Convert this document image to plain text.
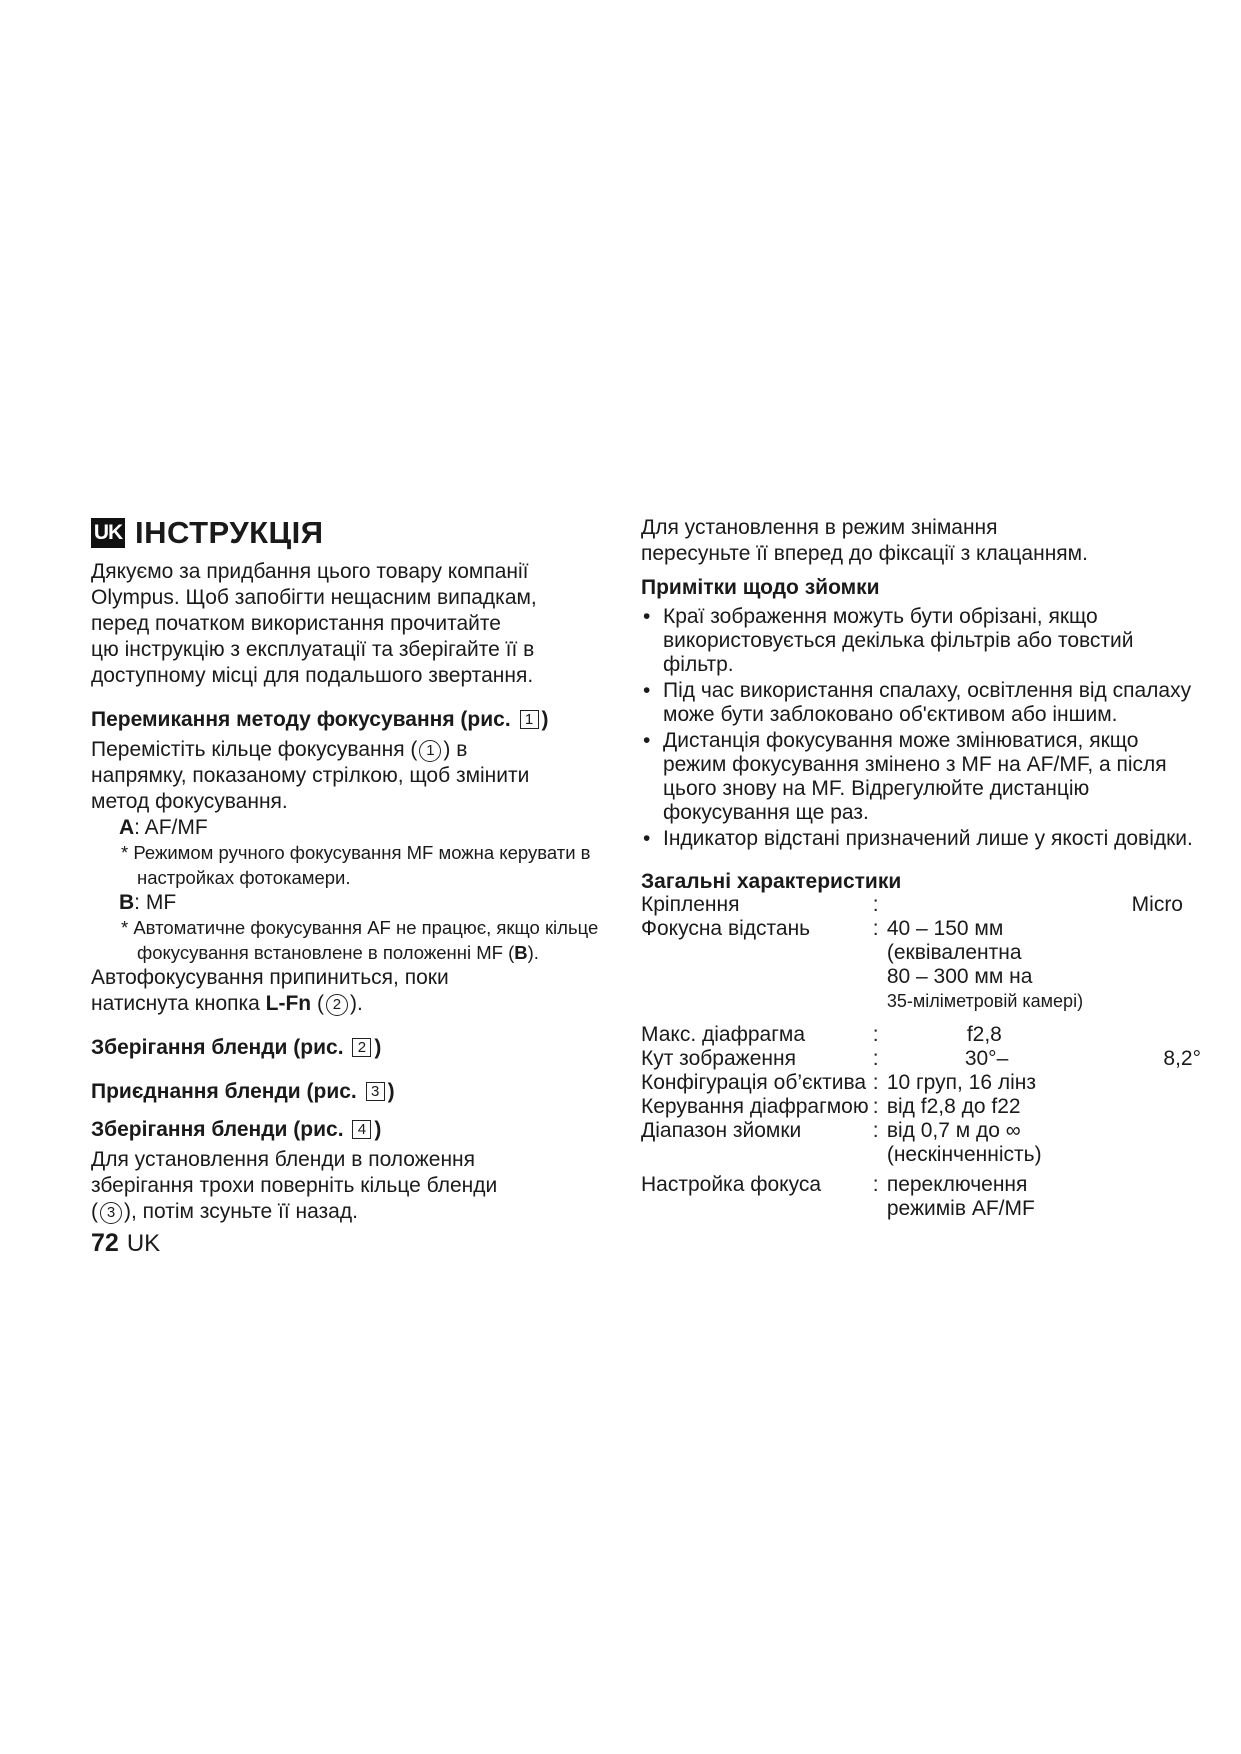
UK ІНСТРУКЦІЯ

Дякуємо за придбання цього товару компанії
Olympus. Щоб запобігти нещасним випадкам,
перед початком використання прочитайте
цю інструкцію з експлуатації та зберігайте її в
доступному місці для подальшого звертання.

Перемикання методу фокусування (рис. 1 )

Перемістіть кільце фокусування ( 1 ) в
напрямку, показаному стрілкою, щоб змінити
метод фокусування.

A: AF/MF
* Режимом ручного фокусування MF можна керувати в настройках фотокамери.
B: MF
* Автоматичне фокусування AF не працює, якщо кільце фокусування встановлене в положенні MF (B).

Автофокусування припиниться, поки
натиснута кнопка L-Fn ( 2 ).

Зберігання бленди (рис. 2 )
Приєднання бленди (рис. 3 )
Зберігання бленди (рис. 4 )

Для установлення бленди в положення
зберігання трохи поверніть кільце бленди
( 3 ), потім зсуньте її назад.

72 UK

Для установлення в режим знімання
пересуньте її вперед до фіксації з клацанням.

Примітки щодо зйомки
• Краї зображення можуть бути обрізані, якщо використовується декілька фільтрів або товстий фільтр.
• Під час використання спалаху, освітлення від спалаху може бути заблоковано об'єктивом або іншим.
• Дистанція фокусування може змінюватися, якщо режим фокусування змінено з MF на AF/MF, а після цього знову на MF. Відрегулюйте дистанцію фокусування ще раз.
• Індикатор відстані призначений лише у якості довідки.
Загальні характеристики
Кріплення	:	Micro
Фокусна відстань	:	40 – 150 мм
(еквівалентна
80 – 300 мм на
35-міліметровій камері)

Макс. діафрагма	:	f2,8
Кут зображення	:	30°– 8,2°

Конфігурація об’єктива	:	10 груп, 16 лінз
Керування діафрагмою	:	від f2,8 до f22
Діапазон зйомки	:	від 0,7 м до ∞
(нескінченність)

Настройка фокуса	:	переключення
режимів AF/MF
